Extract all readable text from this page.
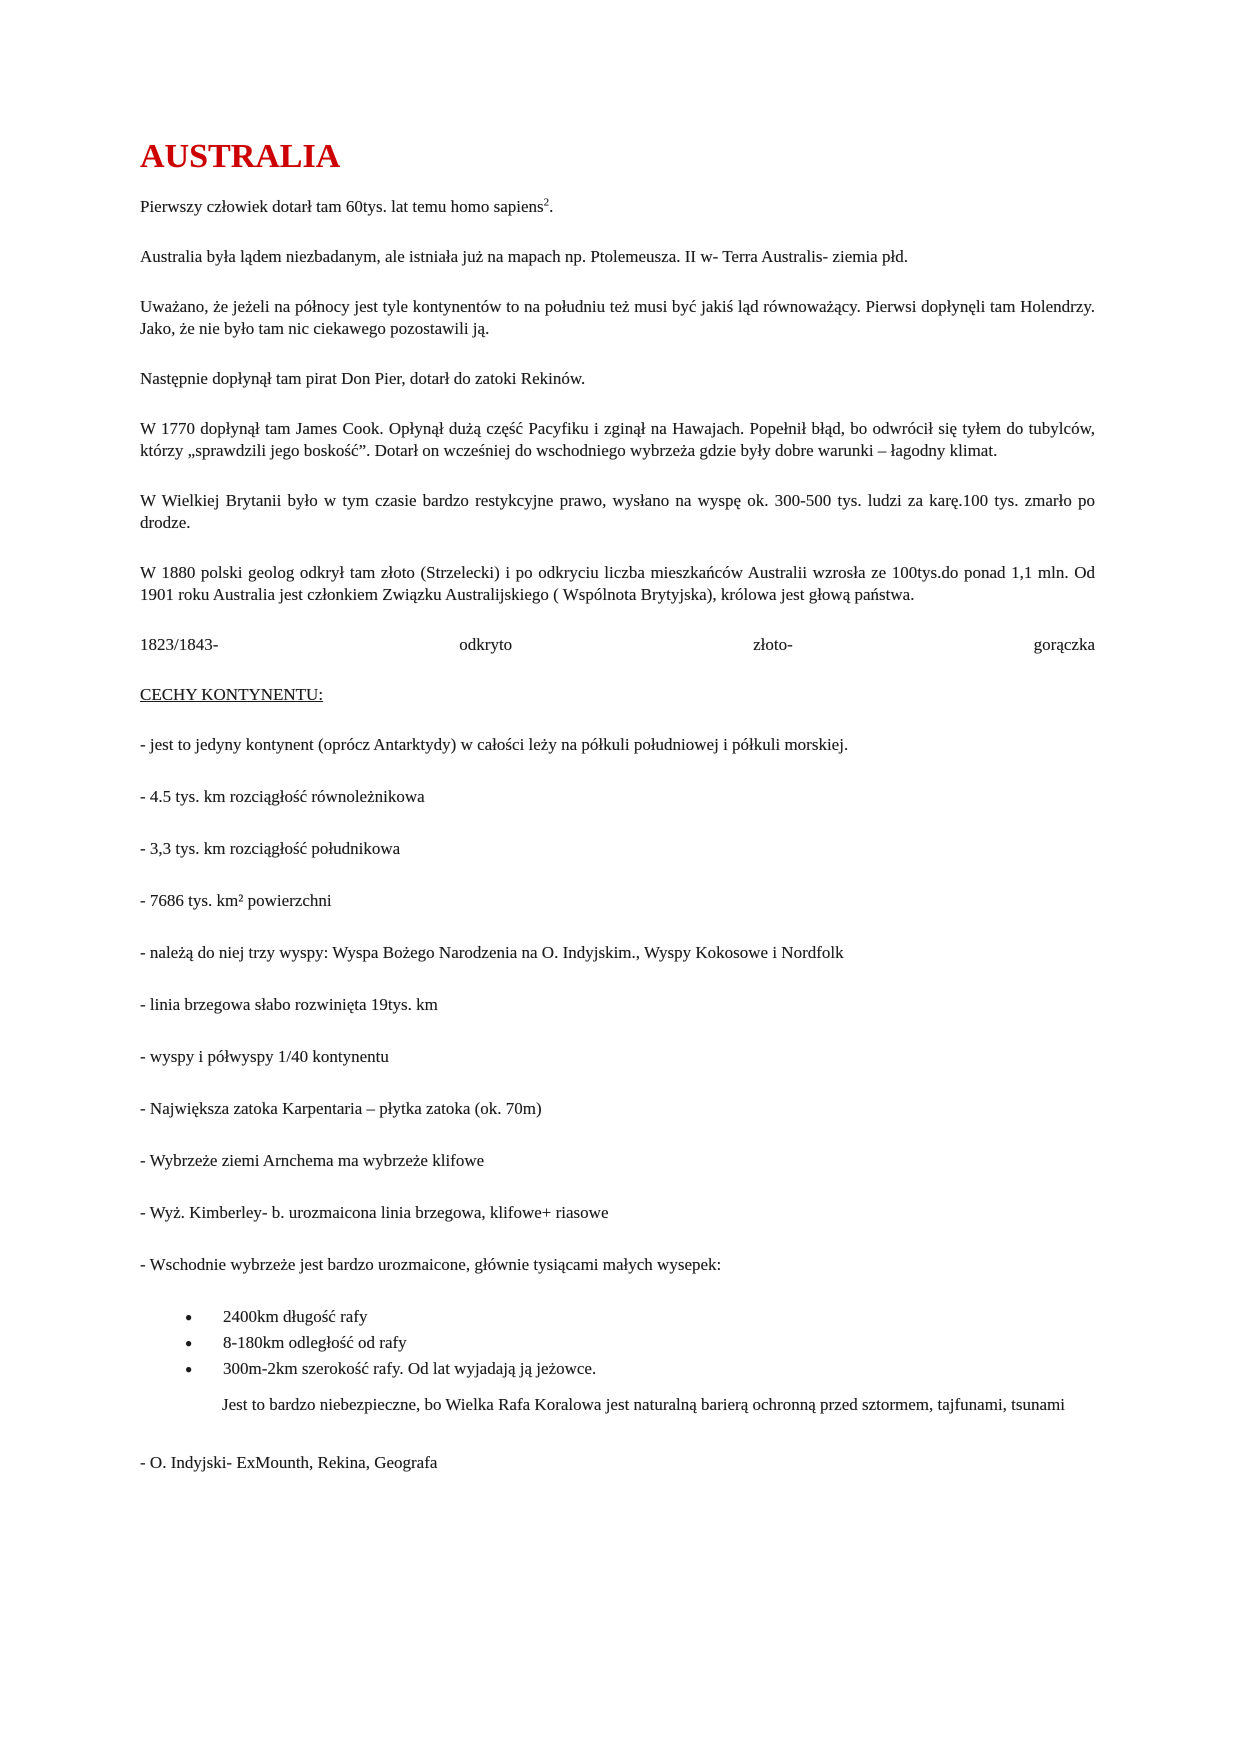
AUSTRALIA

Pierwszy człowiek dotarł tam 60tys. lat temu homo sapiens$^2$.

Australia była lądem niezbadanym, ale istniała już na mapach np. Ptolemeusza. II w- Terra Australis- ziemia płd.

Uważano, że jeżeli na północy jest tyle kontynentów to na południu też musi być jakiś ląd równoważący. Pierwsi dopłynęli tam Holendrzy. Jako, że nie było tam nic ciekawego pozostawili ją.

Następnie dopłynął tam pirat Don Pier, dotarł do zatoki Rekinów.

W 1770 dopłynął tam James Cook. Opłynął dużą część Pacyfiku i zginął na Hawajach. Popełnił błąd, bo odwrócił się tyłem do tubylców, którzy „sprawdzili jego boskość”. Dotarł on wcześniej do wschodniego wybrzeża gdzie były dobre warunki – łagodny klimat.

W Wielkiej Brytanii było w tym czasie bardzo restykcyjne prawo, wysłano na wyspę ok. 300-500 tys. ludzi za karę.100 tys. zmarło po drodze.

W 1880 polski geolog odkrył tam złoto (Strzelecki) i po odkryciu liczba mieszkańców Australii wzrosła ze 100tys.do ponad 1,1 mln. Od 1901 roku Australia jest członkiem Związku Australijskiego ( Wspólnota Brytyjska), królowa jest głową państwa.

1823/1843-	odkryto	złoto-	gorączka
CECHY KONTYNENTU:

- jest to jedyny kontynent (oprócz Antarktydy) w całości leży na półkuli południowej i półkuli morskiej.

- 4.5 tys. km rozciągłość równoleżnikowa

- 3,3 tys. km rozciągłość południkowa

- 7686 tys. km² powierzchni

- należą do niej trzy wyspy: Wyspa Bożego Narodzenia na O. Indyjskim., Wyspy Kokosowe i Nordfolk

- linia brzegowa słabo rozwinięta 19tys. km

- wyspy i półwyspy 1/40 kontynentu

- Największa zatoka Karpentaria – płytka zatoka (ok. 70m)

- Wybrzeże ziemi Arnchema ma wybrzeże klifowe

- Wyż. Kimberley- b. urozmaicona linia brzegowa, klifowe+ riasowe

- Wschodnie wybrzeże jest bardzo urozmaicone, głównie tysiącami małych wysepek:

● 2400km długość rafy
● 8-180km odległość od rafy
● 300m-2km szerokość rafy. Od lat wyjadają ją jeżowce.

Jest to bardzo niebezpieczne, bo Wielka Rafa Koralowa jest naturalną barierą ochronną przed sztormem, tajfunami, tsunami

- O. Indyjski- ExMounth, Rekina, Geografa
